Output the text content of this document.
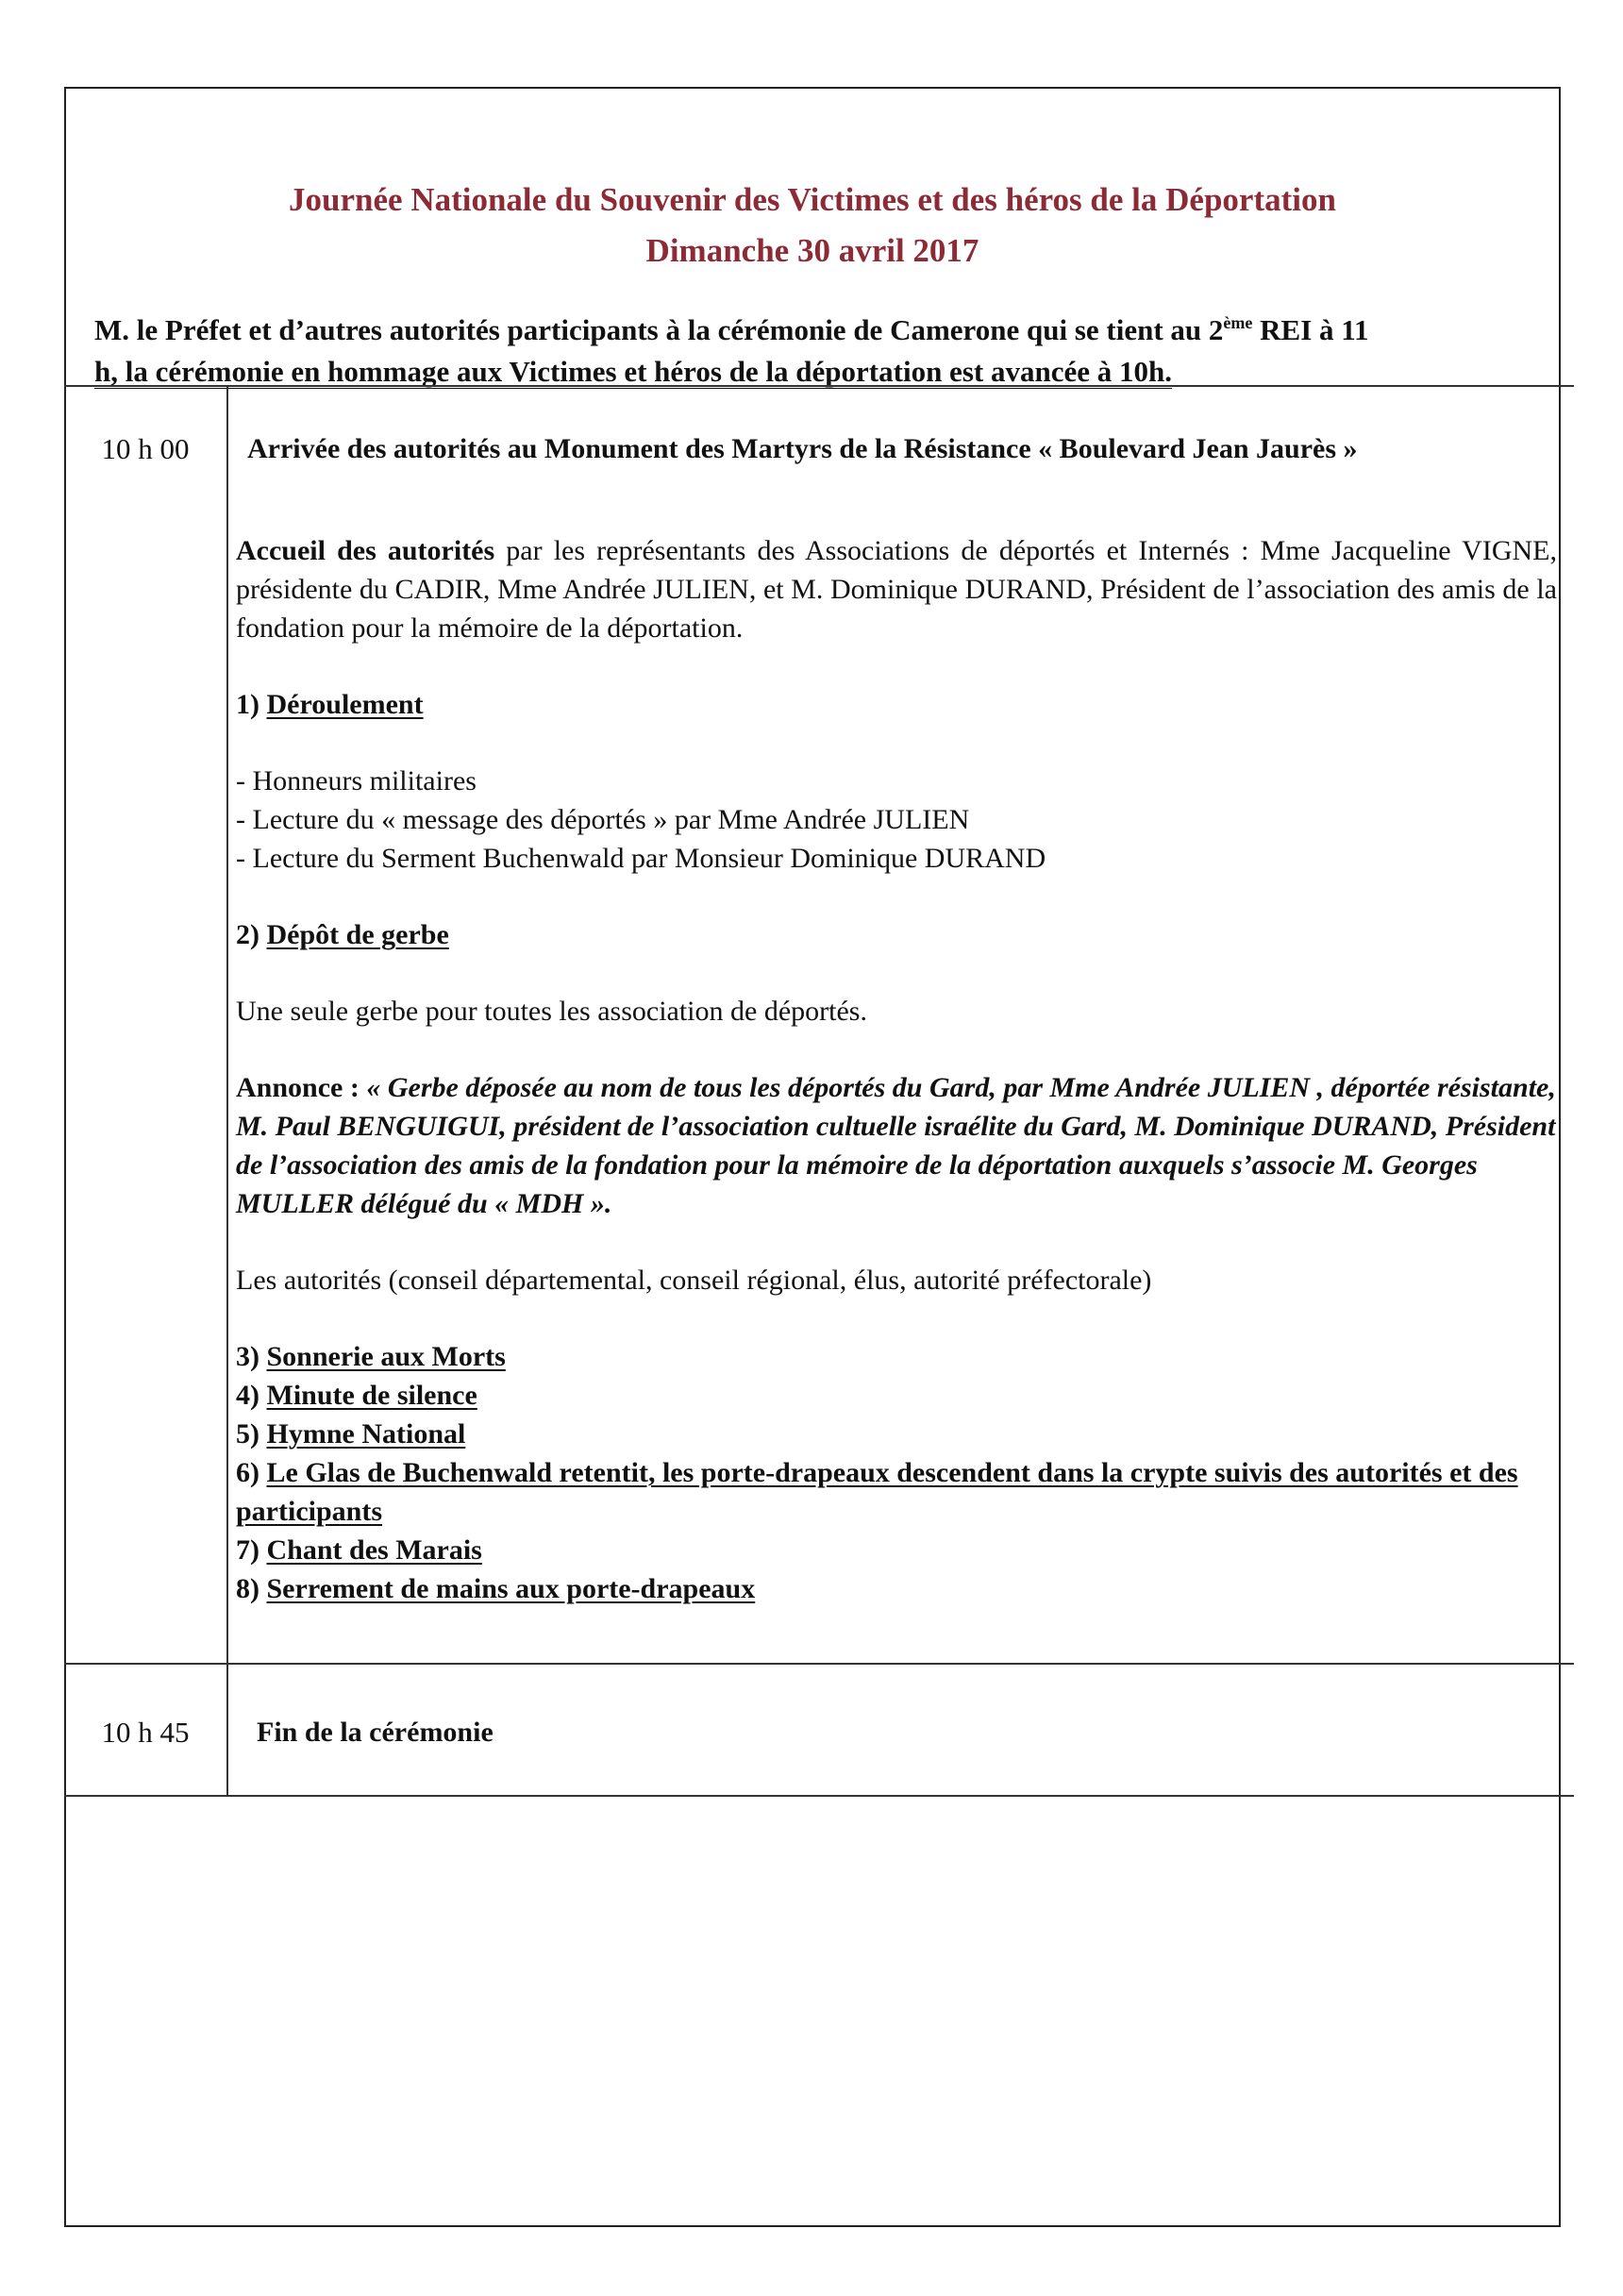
Journée Nationale du Souvenir des Victimes et des héros de la Déportation
Dimanche 30 avril 2017
M. le Préfet et d’autres autorités participants à la cérémonie de Camerone qui se tient au 2ème REI à 11
h, la cérémonie en hommage aux Victimes et héros de la déportation est avancée à 10h.
10 h 00	Arrivée des autorités au Monument des Martyrs de la Résistance « Boulevard Jean Jaurès »

Accueil des autorités par les représentants des Associations de déportés et Internés : Mme Jacqueline VIGNE, présidente du CADIR, Mme Andrée JULIEN, et M. Dominique DURAND, Président de l’association des amis de la fondation pour la mémoire de la déportation.

1) Déroulement

- Honneurs militaires

- Lecture du « message des déportés » par Mme Andrée JULIEN

- Lecture du Serment Buchenwald par Monsieur Dominique DURAND

2) Dépôt de gerbe

Une seule gerbe pour toutes les association de déportés.

Annonce : « Gerbe déposée au nom de tous les déportés du Gard, par Mme Andrée JULIEN , déportée résistante, M. Paul BENGUIGUI, président de l’association cultuelle israélite du Gard, M. Dominique DURAND, Président de l’association des amis de la fondation pour la mémoire de la déportation auxquels s’associe M. Georges MULLER délégué du « MDH ».

Les autorités (conseil départemental, conseil régional, élus, autorité préfectorale)

3) Sonnerie aux Morts

4) Minute de silence

5) Hymne National

6) Le Glas de Buchenwald retentit, les porte-drapeaux descendent dans la crypte suivis des autorités et des participants

7) Chant des Marais

8) Serrement de mains aux porte-drapeaux

10 h 45	Fin de la cérémonie
